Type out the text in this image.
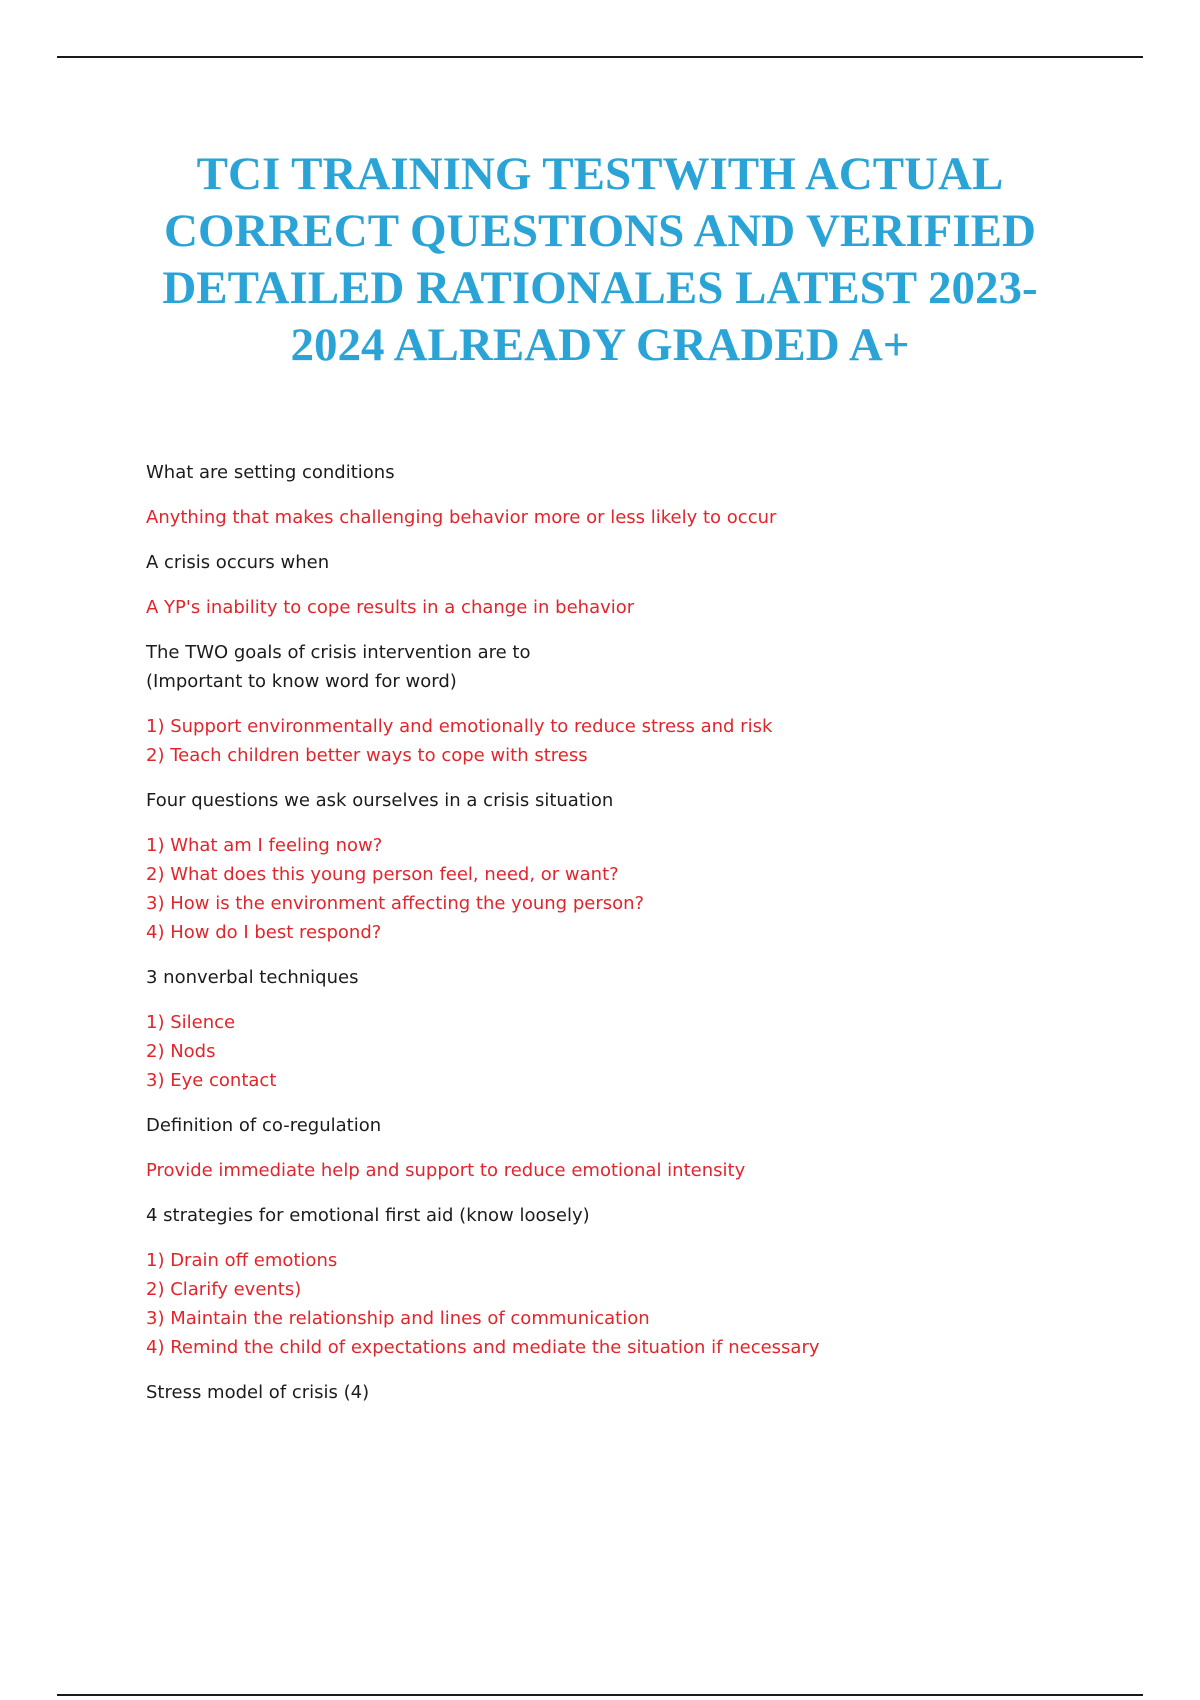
TCI TRAINING TESTWITH ACTUAL
CORRECT QUESTIONS AND VERIFIED
DETAILED RATIONALES LATEST 2023-
2024 ALREADY GRADED A+
What are setting conditions
Anything that makes challenging behavior more or less likely to occur
A crisis occurs when
A YP's inability to cope results in a change in behavior
The TWO goals of crisis intervention are to
(Important to know word for word)
1) Support environmentally and emotionally to reduce stress and risk
2) Teach children better ways to cope with stress
Four questions we ask ourselves in a crisis situation
1) What am I feeling now?
2) What does this young person feel, need, or want?
3) How is the environment affecting the young person?
4) How do I best respond?
3 nonverbal techniques
1) Silence
2) Nods
3) Eye contact
Definition of co-regulation
Provide immediate help and support to reduce emotional intensity
4 strategies for emotional first aid (know loosely)
1) Drain off emotions
2) Clarify events)
3) Maintain the relationship and lines of communication
4) Remind the child of expectations and mediate the situation if necessary
Stress model of crisis (4)
